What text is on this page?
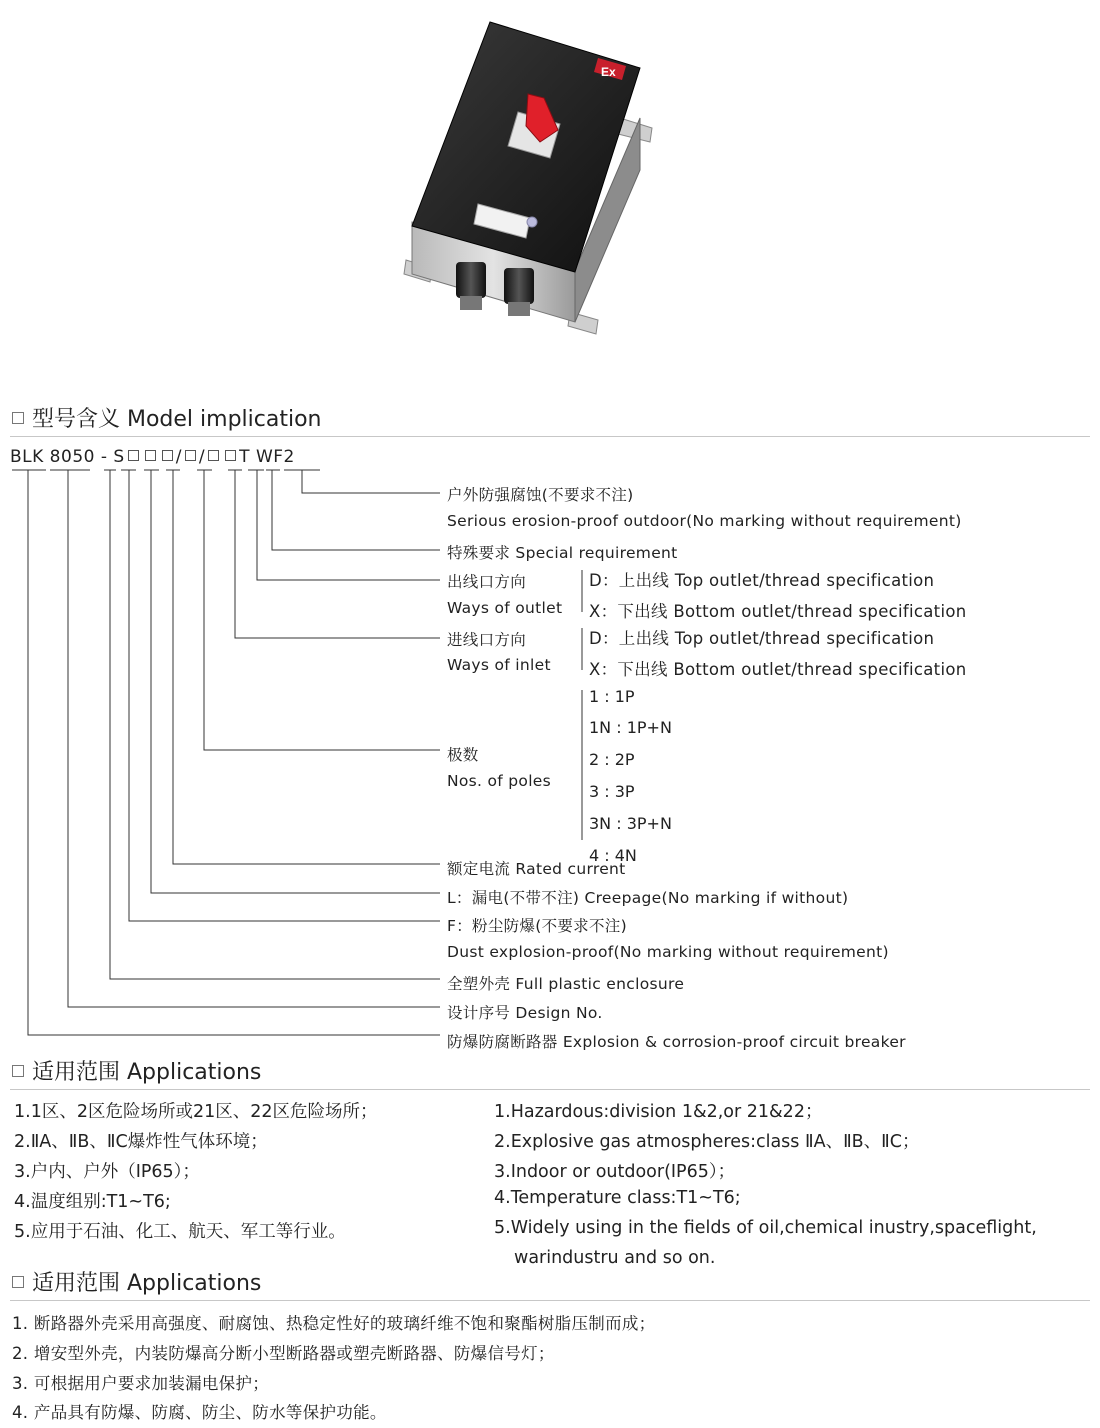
Ex
型号含义 Model implication
BLK 8050 - S	/ / T WF2
户外防强腐蚀(不要求不注)
Serious erosion-proof outdoor(No marking without requirement)
特殊要求 Special requirement
出线口方向
Ways of outlet
D：上出线 Top outlet/thread specification
X：下出线 Bottom outlet/thread specification
进线口方向
Ways of inlet
D：上出线 Top outlet/thread specification
X：下出线 Bottom outlet/thread specification
1 : 1P
1N : 1P+N
2 : 2P
3 : 3P
3N : 3P+N
4 : 4N
极数
Nos. of poles
额定电流 Rated current
L：漏电(不带不注) Creepage(No marking if without)
F：粉尘防爆(不要求不注)
Dust explosion-proof(No marking without requirement)
全塑外壳 Full plastic enclosure
设计序号 Design No.
防爆防腐断路器 Explosion & corrosion-proof circuit breaker
适用范围 Applications
1.1区、2区危险场所或21区、22区危险场所；
2.ⅡA、ⅡB、ⅡC爆炸性气体环境；
3.户内、户外（IP65）；
4.温度组别:T1~T6;
5.应用于石油、化工、航天、军工等行业。
1.Hazardous:division 1&2,or 21&22；
2.Explosive gas atmospheres:class ⅡA、ⅡB、ⅡC；
3.Indoor or outdoor(IP65）；
4.Temperature class:T1~T6;
5.Widely using in the fields of oil,chemical inustry,spaceflight,
warindustru and so on.
适用范围 Applications
1. 断路器外壳采用高强度、耐腐蚀、热稳定性好的玻璃纤维不饱和聚酯树脂压制而成；
2. 增安型外壳，内装防爆高分断小型断路器或塑壳断路器、防爆信号灯；
3. 可根据用户要求加装漏电保护；
4. 产品具有防爆、防腐、防尘、防水等保护功能。
